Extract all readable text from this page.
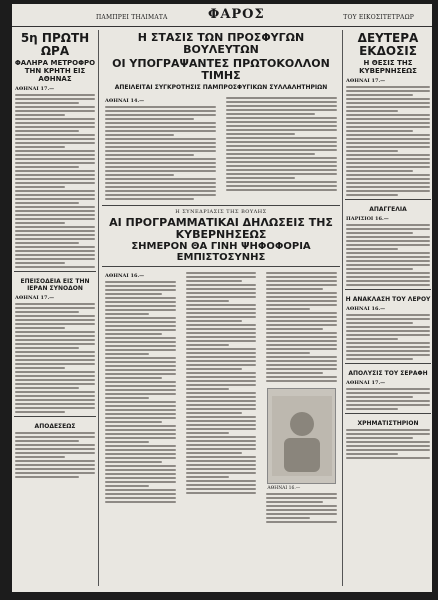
ΠΑΜΠΡΕΙ ΤΗΛΙΜΑΤΑ	ΦΑΡΟΣ	ΤΟΥ ΕΙΚΟΣΙΤΕΤΡΑΩΡ
5η ΠΡΩΤΗ ΩΡΑ
ΦΑΛΗΡΑ ΜΕΤΡΟΦΡΟ ΤΗΝ ΚΡΗΤΗ ΕΙΣ ΑΘΗΝΑΣ
ΑΘΗΝΑΙ 17.—
ΕΠΕΙΣΟΔΕΙΑ ΕΙΣ ΤΗΝ ΙΕΡΑΝ ΣΥΝΟΔΟΝ
ΑΘΗΝΑΙ 17.—
ΑΠΟΔΕΣΕΩΣ
Η ΣΤΑΣΙΣ ΤΩΝ ΠΡΟΣΦΥΓΩΝ ΒΟΥΛΕΥΤΩΝ
ΟΙ ΥΠΟΓΡΑΨΑΝΤΕΣ ΠΡΩΤΟΚΟΛΛΟΝ ΤΙΜΗΣ
ΑΠΕΙΛΕΙΤΑΙ ΣΥΓΚΡΟΤΗΣΙΣ ΠΑΜΠΡΟΣΦΥΓΙΚΩΝ ΣΥΛΛΑΛΗΤΗΡΙΩΝ
ΑΘΗΝΑΙ 14.—
Η ΣΥΝΕΔΡΙΑΣΙΣ ΤΗΣ ΒΟΥΛΗΣ
ΑΙ ΠΡΟΓΡΑΜΜΑΤΙΚΑΙ ΔΗΛΩΣΕΙΣ ΤΗΣ ΚΥΒΕΡΝΗΣΕΩΣ
ΣΗΜΕΡΟΝ ΘΑ ΓΙΝΗ ΨΗΦΟΦΟΡΙΑ ΕΜΠΙΣΤΟΣΥΝΗΣ
ΑΘΗΝΑΙ 16.—
ΑΘΗΝΑΙ 16.—
ΔΕΥΤΕΡΑ ΕΚΔΟΣΙΣ
Η ΘΕΣΙΣ ΤΗΣ ΚΥΒΕΡΝΗΣΕΩΣ
ΑΘΗΝΑΙ 17.—
ΑΠΑΓΓΕΛΙΑ
ΠΑΡΙΣΙΟΙ 16.—
Η ΑΝΑΚΛΑΣΗ ΤΟΥ ΛΕΡΟΥ
ΑΘΗΝΑΙ 16.—
ΑΠΟΛΥΣΙΣ ΤΟΥ ΣΕΡΑΦΗ
ΑΘΗΝΑΙ 17.—
ΧΡΗΜΑΤΙΣΤΗΡΙΟΝ
